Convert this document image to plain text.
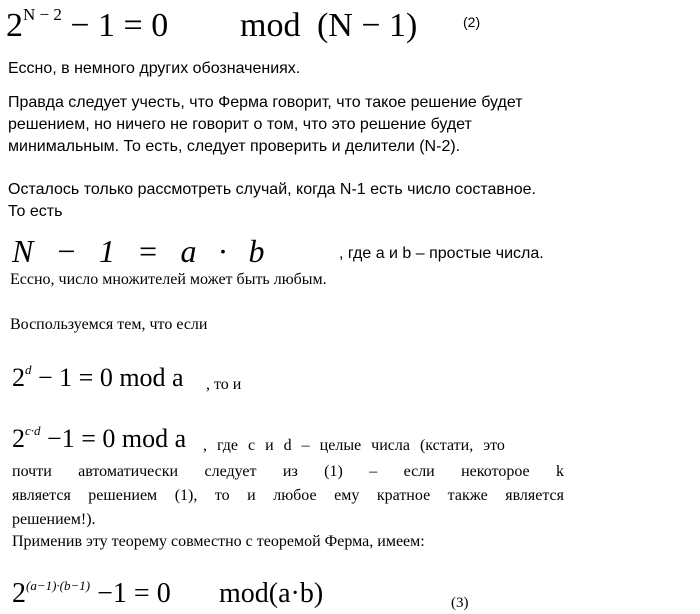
$2^{N - 2} - 1 = 0$ mod (N − 1)	(2)
Ессно, в немного других обозначениях.
Правда следует учесть, что Ферма говорит, что такое решение будет
решением, но ничего не говорит о том, что это решение будет
минимальным. То есть, следует проверить и делители (N-2).
Осталось только рассмотреть случай, когда N-1 есть число составное.
То есть
N − 1 = a · b	, где a и b – простые числа.
Ессно, число множителей может быть любым.
Воспользуемся тем, что если
$2^d - 1 = 0$ mod a , то и
$2^{c\cdot d} -1 = 0$ mod a , где c и d – целые числа (кстати, это
почти автоматически следует из (1) – если некоторое k
является решением (1), то и любое ему кратное также является
решением!).
Применив эту теорему совместно с теоремой Ферма, имеем:
$2^{(a-1)\cdot(b-1)} -1 = 0$ mod(a·b)	(3)
